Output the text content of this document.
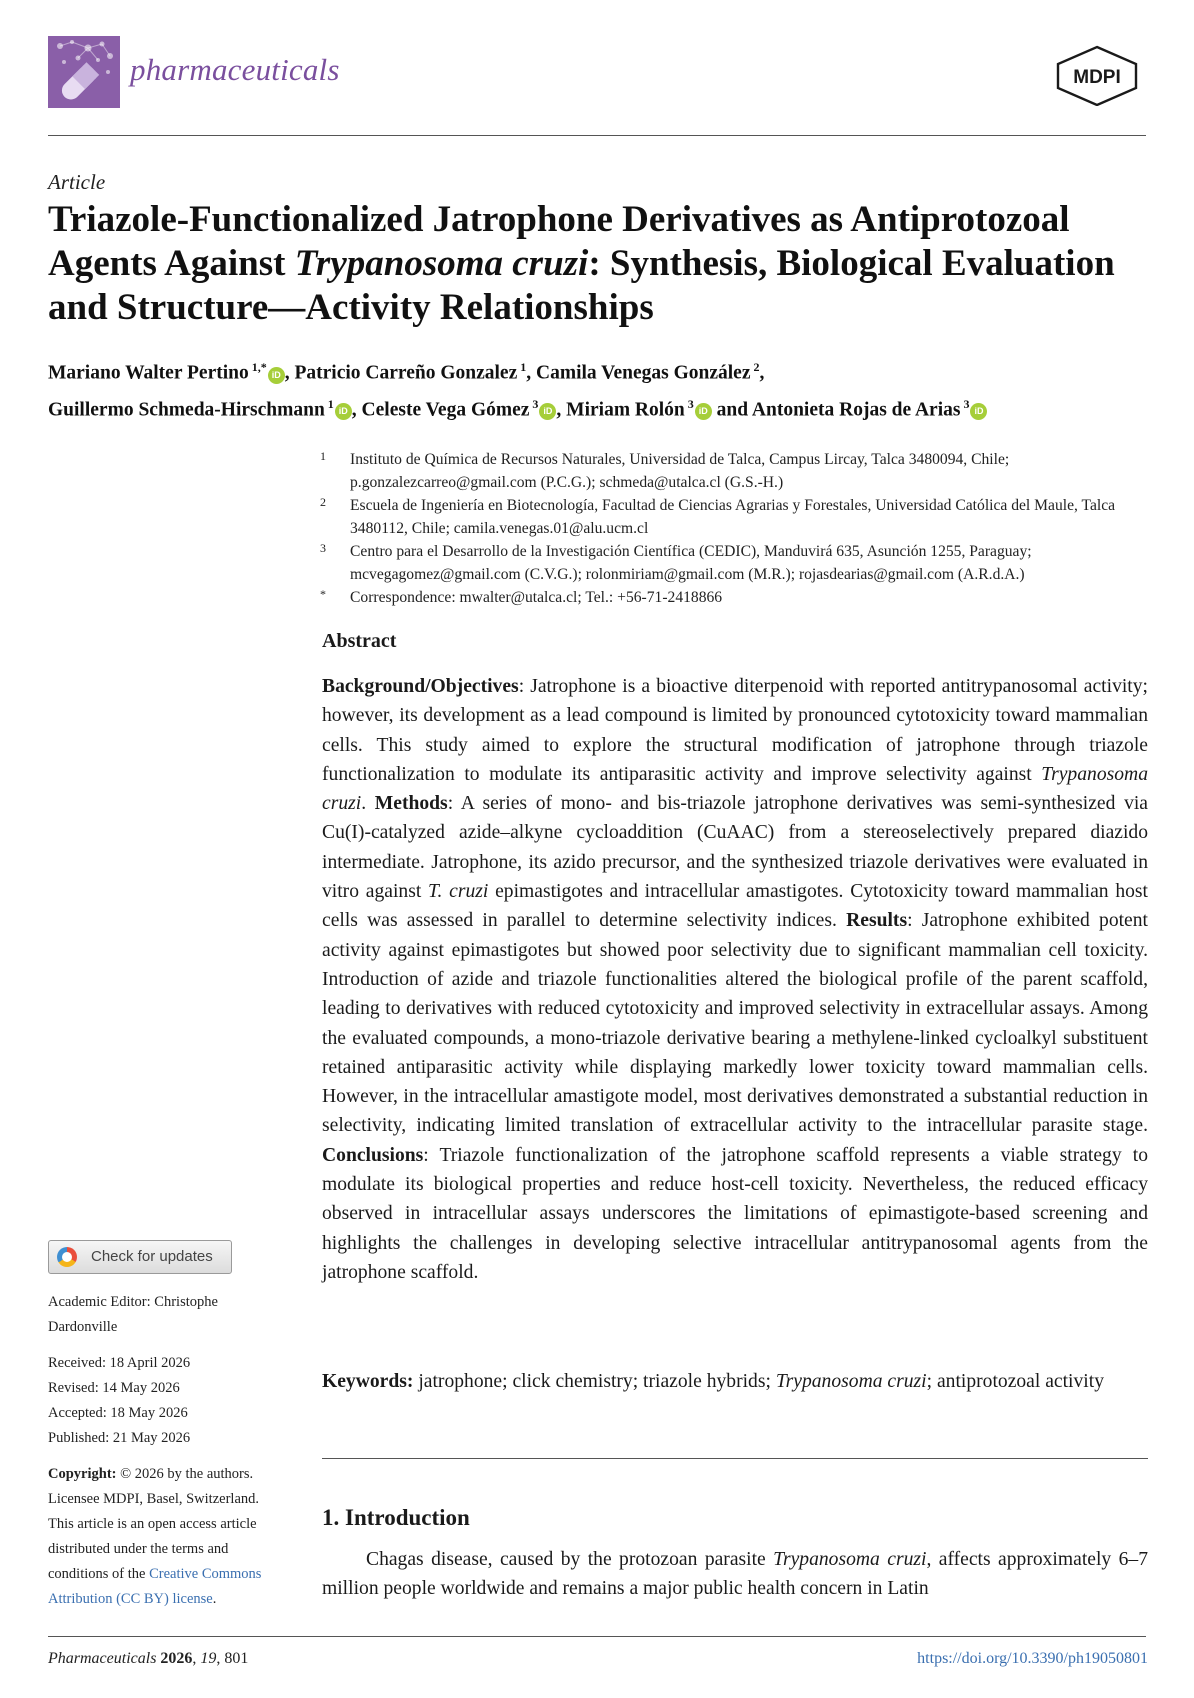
pharmaceuticals	MDPI
Article
Triazole-Functionalized Jatrophone Derivatives as Antiprotozoal Agents Against Trypanosoma cruzi: Synthesis, Biological Evaluation and Structure—Activity Relationships
Mariano Walter Pertino $^{1,*}$iD , Patricio Carreño Gonzalez $^1$, Camila Venegas González $^2$,
Guillermo Schmeda-Hirschmann $^1$iD , Celeste Vega Gómez $^3$iD , Miriam Rolón $^3$iD and Antonieta Rojas de Arias $^3$iD
1 Instituto de Química de Recursos Naturales, Universidad de Talca, Campus Lircay, Talca 3480094, Chile; p.gonzalezcarreo@gmail.com (P.C.G.); schmeda@utalca.cl (G.S.-H.)
2 Escuela de Ingeniería en Biotecnología, Facultad de Ciencias Agrarias y Forestales, Universidad Católica del Maule, Talca 3480112, Chile; camila.venegas.01@alu.ucm.cl
3 Centro para el Desarrollo de la Investigación Científica (CEDIC), Manduvirá 635, Asunción 1255, Paraguay; mcvegagomez@gmail.com (C.V.G.); rolonmiriam@gmail.com (M.R.); rojasdearias@gmail.com (A.R.d.A.)
* Correspondence: mwalter@utalca.cl; Tel.: +56-71-2418866
Abstract
Background/Objectives: Jatrophone is a bioactive diterpenoid with reported antitrypanosomal activity; however, its development as a lead compound is limited by pronounced cytotoxicity toward mammalian cells. This study aimed to explore the structural modification of jatrophone through triazole functionalization to modulate its antiparasitic activity and improve selectivity against Trypanosoma cruzi. Methods: A series of mono- and bis-triazole jatrophone derivatives was semi-synthesized via Cu(I)-catalyzed azide–alkyne cycloaddition (CuAAC) from a stereoselectively prepared diazido intermediate. Jatrophone, its azido precursor, and the synthesized triazole derivatives were evaluated in vitro against T. cruzi epimastigotes and intracellular amastigotes. Cytotoxicity toward mammalian host cells was assessed in parallel to determine selectivity indices. Results: Jatrophone exhibited potent activity against epimastigotes but showed poor selectivity due to significant mammalian cell toxicity. Introduction of azide and triazole functionalities altered the biological profile of the parent scaffold, leading to derivatives with reduced cytotoxicity and improved selectivity in extracellular assays. Among the evaluated compounds, a mono-triazole derivative bearing a methylene-linked cycloalkyl substituent retained antiparasitic activity while displaying markedly lower toxicity toward mammalian cells. However, in the intracellular amastigote model, most derivatives demonstrated a substantial reduction in selectivity, indicating limited translation of extracellular activity to the intracellular parasite stage. Conclusions: Triazole functionalization of the jatrophone scaffold represents a viable strategy to modulate its biological properties and reduce host-cell toxicity. Nevertheless, the reduced efficacy observed in intracellular assays underscores the limitations of epimastigote-based screening and highlights the challenges in developing selective intracellular antitrypanosomal agents from the jatrophone scaffold.
Keywords: jatrophone; click chemistry; triazole hybrids; Trypanosoma cruzi; antiprotozoal activity
1. Introduction
Chagas disease, caused by the protozoan parasite Trypanosoma cruzi, affects approximately 6–7 million people worldwide and remains a major public health concern in Latin
Check for updates
Academic Editor: Christophe Dardonville
Received: 18 April 2026
Revised: 14 May 2026
Accepted: 18 May 2026
Published: 21 May 2026
Copyright: © 2026 by the authors. Licensee MDPI, Basel, Switzerland. This article is an open access article distributed under the terms and conditions of the Creative Commons Attribution (CC BY) license.
Pharmaceuticals 2026, 19, 801	https://doi.org/10.3390/ph19050801
